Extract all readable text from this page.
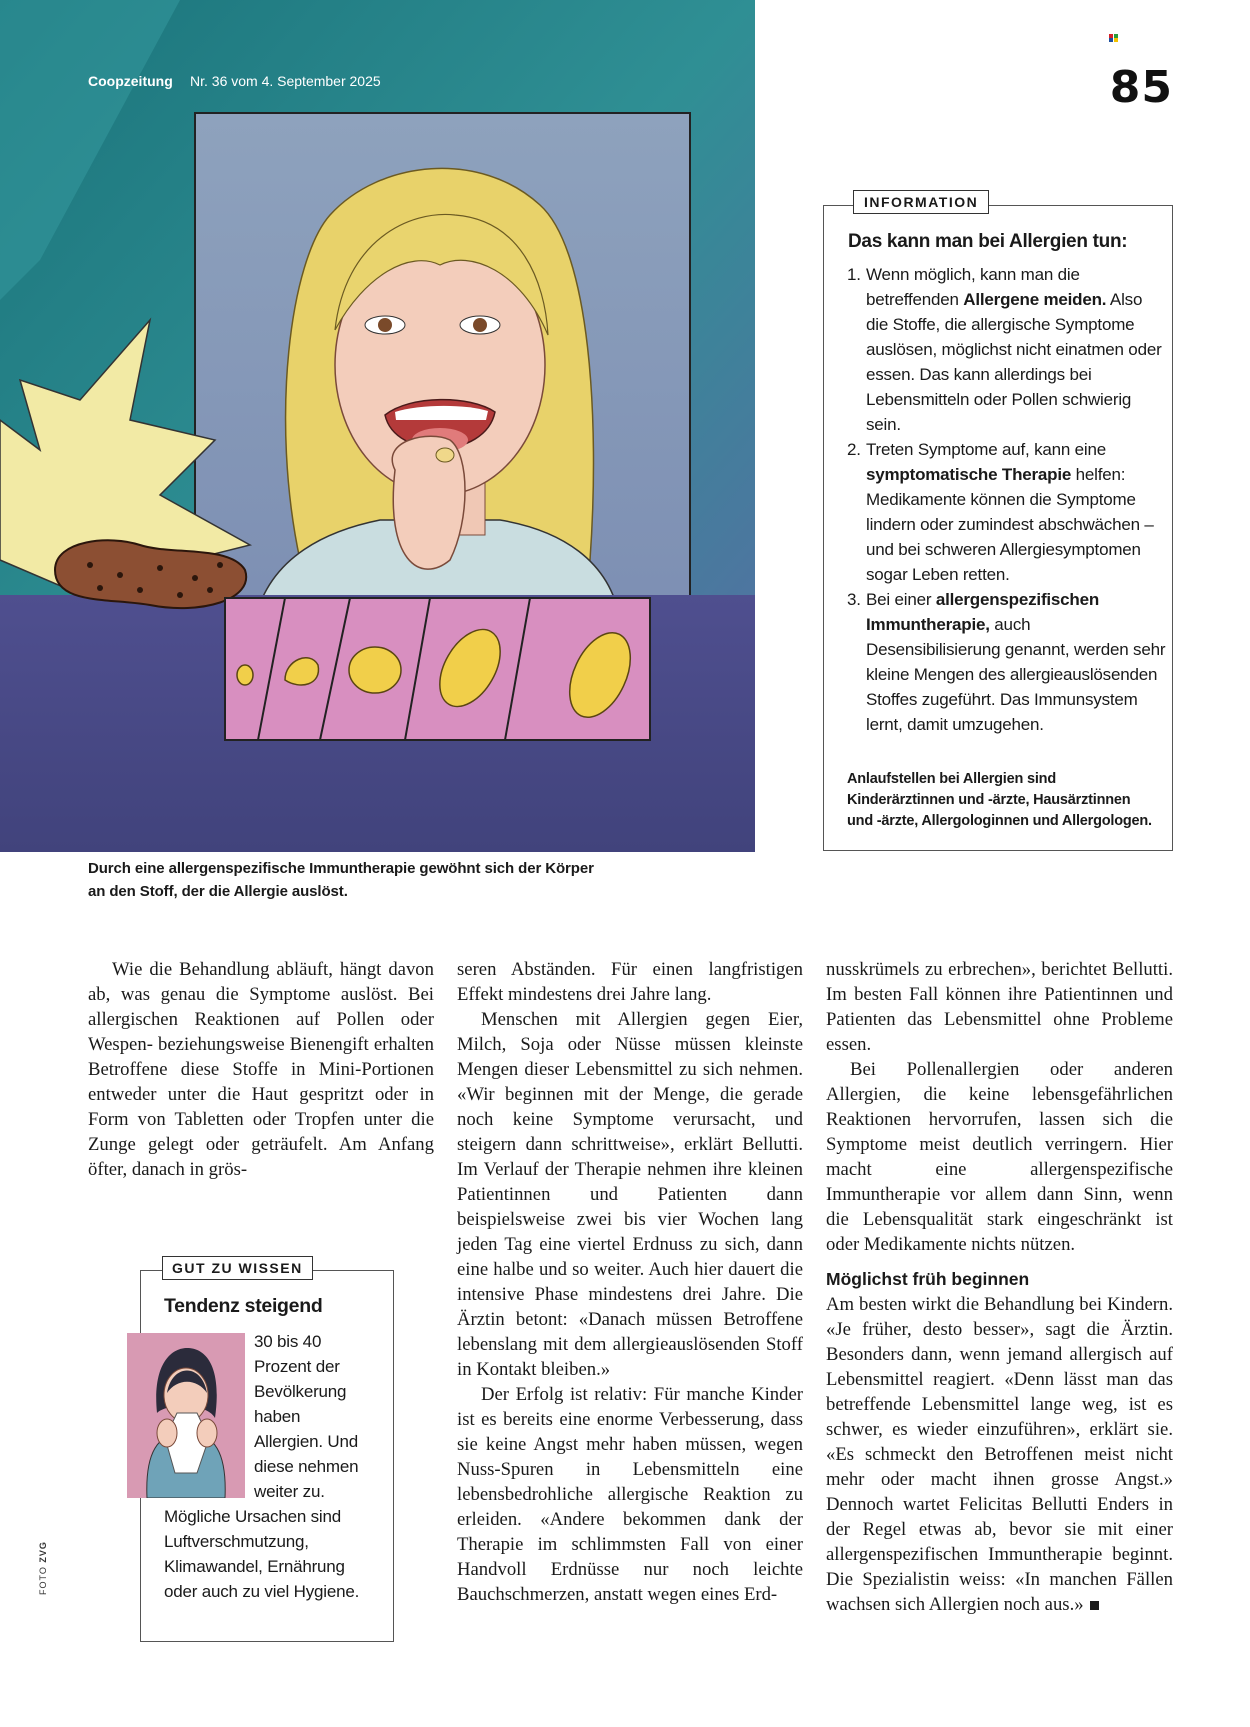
Coopzeitung Nr. 36 vom 4. September 2025	85
INFORMATION
Das kann man bei Allergien tun:
1. Wenn möglich, kann man die betreffenden Allergene meiden. Also die Stoffe, die allergische Symptome auslösen, möglichst nicht einatmen oder essen. Das kann allerdings bei Lebensmitteln oder Pollen schwierig sein.
2. Treten Symptome auf, kann eine symptomatische Therapie helfen: Medikamente können die Symptome lindern oder zumindest abschwächen – und bei schweren Allergiesymptomen sogar Leben retten.
3. Bei einer allergenspezifischen Immuntherapie, auch Desensibilisierung genannt, werden sehr kleine Mengen des allergieauslösenden Stoffes zugeführt. Das Immunsystem lernt, damit umzugehen.
Anlaufstellen bei Allergien sind Kinderärztinnen und -ärzte, Hausärztinnen und -ärzte, Allergologinnen und Allergologen.
Durch eine allergenspezifische Immuntherapie gewöhnt sich der Körper an den Stoff, der die Allergie auslöst.

Wie die Behandlung abläuft, hängt davon ab, was genau die Symptome auslöst. Bei allergischen Reaktionen auf Pollen oder Wespen- beziehungsweise Bienengift erhalten Betroffene diese Stoffe in Mini-Portionen entweder unter die Haut gespritzt oder in Form von Tabletten oder Tropfen unter die Zunge gelegt oder geträufelt. Am Anfang öfter, danach in grös-

seren Abständen. Für einen langfristigen Effekt mindestens drei Jahre lang.

Menschen mit Allergien gegen Eier, Milch, Soja oder Nüsse müssen kleinste Mengen dieser Lebensmittel zu sich nehmen. «Wir beginnen mit der Menge, die gerade noch keine Symptome verursacht, und steigern dann schrittweise», erklärt Bellutti. Im Verlauf der Therapie nehmen ihre kleinen Patientinnen und Patienten dann beispielsweise zwei bis vier Wochen lang jeden Tag eine viertel Erdnuss zu sich, dann eine halbe und so weiter. Auch hier dauert die intensive Phase mindestens drei Jahre. Die Ärztin betont: «Danach müssen Betroffene lebenslang mit dem allergieauslösenden Stoff in Kontakt bleiben.»

Der Erfolg ist relativ: Für manche Kinder ist es bereits eine enorme Verbesserung, dass sie keine Angst mehr haben müssen, wegen Nuss-Spuren in Lebensmitteln eine lebensbedrohliche allergische Reaktion zu erleiden. «Andere bekommen dank der Therapie im schlimmsten Fall von einer Handvoll Erdnüsse nur noch leichte Bauchschmerzen, anstatt wegen eines Erd-

nusskrümels zu erbrechen», berichtet Bellutti. Im besten Fall können ihre Patientinnen und Patienten das Lebensmittel ohne Probleme essen.

Bei Pollenallergien oder anderen Allergien, die keine lebensgefährlichen Reaktionen hervorrufen, lassen sich die Symptome meist deutlich verringern. Hier macht eine allergenspezifische Immuntherapie vor allem dann Sinn, wenn die Lebensqualität stark eingeschränkt ist oder Medikamente nichts nützen.

Möglichst früh beginnen

Am besten wirkt die Behandlung bei Kindern. «Je früher, desto besser», sagt die Ärztin. Besonders dann, wenn jemand allergisch auf Lebensmittel reagiert. «Denn lässt man das betreffende Lebensmittel lange weg, ist es schwer, es wieder einzuführen», erklärt sie. «Es schmeckt den Betroffenen meist nicht mehr oder macht ihnen grosse Angst.» Dennoch wartet Felicitas Bellutti Enders in der Regel etwas ab, bevor sie mit einer allergenspezifischen Immuntherapie beginnt. Die Spezialistin weiss: «In manchen Fällen wachsen sich Allergien noch aus.»

GUT ZU WISSEN
Tendenz steigend
30 bis 40 Prozent der Bevölkerung haben Allergien. Und diese nehmen weiter zu. Mögliche Ursachen sind Luftverschmutzung, Klimawandel, Ernährung oder auch zu viel Hygiene.
FOTO ZVG
